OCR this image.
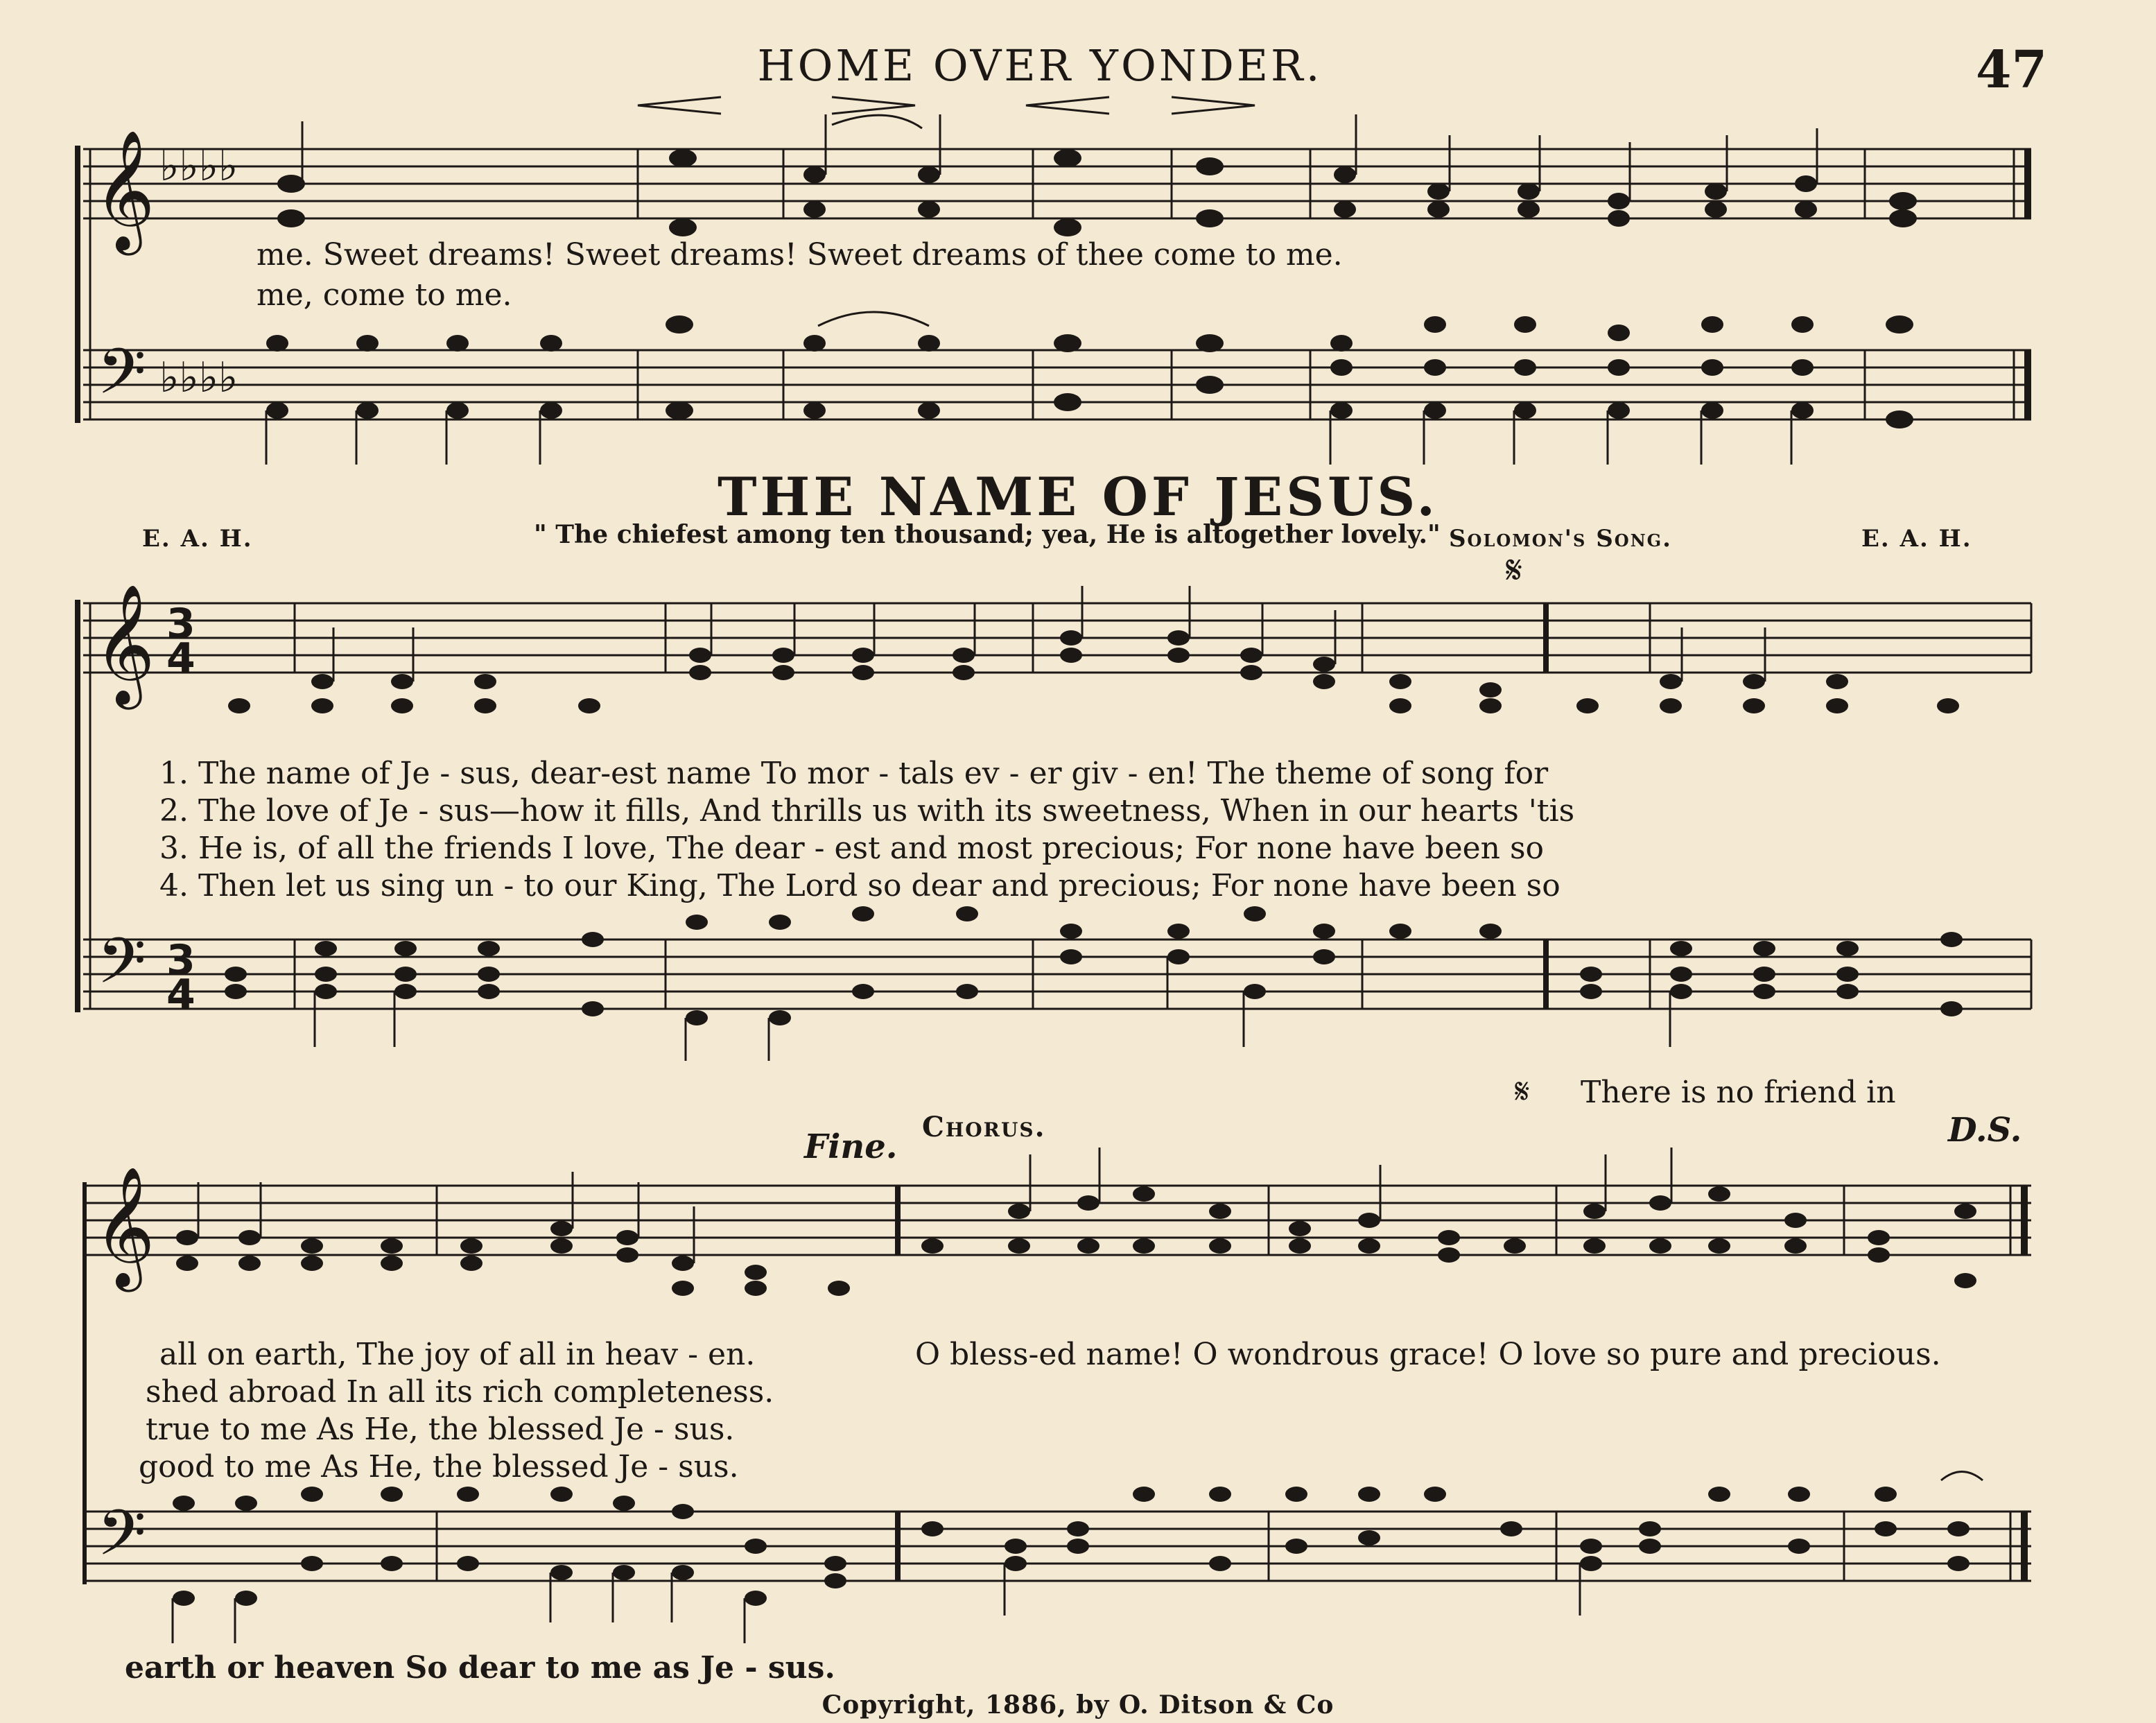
HOME OVER YONDER.	47
𝄞
𝄢
♭♭♭♭
♭♭♭♭
𝄞
𝄢
3
4
3
4
𝄞
𝄢
me. Sweet dreams! Sweet dreams! Sweet dreams of thee come to me.
me, come to me.
THE NAME OF JESUS.
E. A. H.	" The chiefest among ten thousand; yea, He is altogether lovely." Solomon's Song.	E. A. H.
𝄋
1. The name of Je - sus, dear-est name To mor - tals ev - er giv - en! The theme of song for
2. The love of Je - sus—how it fills, And thrills us with its sweetness, When in our hearts 'tis
3. He is, of all the friends I love, The dear - est and most precious; For none have been so
4. Then let us sing un - to our King, The Lord so dear and precious; For none have been so
𝄋 There is no friend in
Fine.
Chorus.	D.S.
all on earth, The joy of all in heav - en.
shed abroad In all its rich completeness.
true to me As He, the blessed Je - sus.
good to me As He, the blessed Je - sus.
O bless-ed name! O wondrous grace! O love so pure and precious.
earth or heaven So dear to me as Je - sus.
Copyright, 1886, by O. Ditson & Co
